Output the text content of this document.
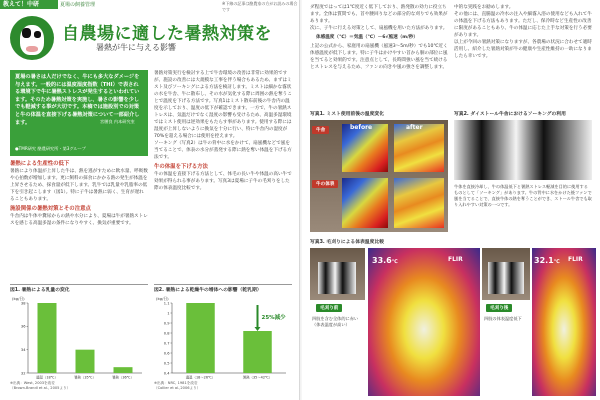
教えて！中研	夏場の飼養管理	※下線の記事は酪農家の方がお読みの場合です
自農場に適した暑熱対策を
暑熱が牛に与える影響
夏場の暑さは人だけでなく、牛にも多大なダメージを与えます。一般的には温度湿度指数（THI）で表される環境下で牛に暑熱ストレスが発生するといわれています。そのため暑熱対策を実施し、暑さの影響を少しでも軽減する事が大切です。本稿では施設別での対策と牛の体温を直接下げる暑熱対策について一部紹介します。
●TMR研究 酪農研究所・第3グループ
宮腰良 内本研究室
暑熱による生産性の低下
暑熱により体温が上昇した牛は、熱を逃がすために飲水量、呼吸数や心拍数が増加します。更に飼料の採食にかかる熱の発生が体温を上昇させるため、採食量が低下します。乳牛では乳量や乳脂率の低下を引き起こします（図1）。特に子牛は暑熱に弱く、生育が遅れることもあります。
施設関係の暑熱対策とその注意点
牛舎内は牛体や糞尿からの熱や水分により、夏場は牛が暑熱ストレスを感じる高温多湿の条件になりやすく、換気が重要です。
暑熱対策実行を検討する上で牛舎環境の改善は非常に効果的ですが、施設の改善には大規模な工事を伴う場合もあるため、まずはミスト及びソーキングによる方法を検討します。ミストは細かな霧状の水を牛舎、牛に散布し、その水が気化する際に周囲の熱を奪うことで温度を下げる方法です。写真1はミスト散布前後の牛舎内の温度を示しており、温度の低下が確認できます。一方で、牛の暑熱ストレスは、気温だけでなく湿度の影響も受けるため、高温多湿環境ではミスト使用は逆効果をもたらす事があります。使用する際には湿度が上昇しないように換気を十分に行い、特に牛舎内の湿度が70%を超える場合には使用を控えます。
ソーキング（写真2）は牛の背中に水をかけて、扇風機などで風を当てることで、体表の水分が蒸発する際に熱を奪い体温を下げる方法です。
牛の体温を下げる方法
牛の体温を直接下げる方法として、体毛の長い牛や体温の高い牛で効果が得られる事があります。写真3は夏場に子牛の毛刈りをした際の体表温度比較です。
図1. 暑熱による乳量の変化
(kg/日)
32
34
36
38
適温（18℃）	暑熱（35℃）	暑熱（36℃）
※出典：West, 2003を改変
（Brown-Brandl et al., 2005より）
図2. 暑熱による乾燥牛の増体への影響（乾乳期）
(kg/日)
0.4
0.5
0.6
0.7
0.8
0.9
1
1.1
適温（18〜26℃）	暑熱（35〜42℃）
25%減少
※出典：NRC, 1981を改変
（Collier et al.,2006より）
ダ程度ではっては1℃度近く低下しており、熱発散の効力に役立ちます。全体は質問でも、首や腰回りなどの部分的な刈りでも効果があります。
次に、子牛に行える対策として、扇風機を用いた方法があります。
体感温度（℃）＝気温（℃）－6√風速（m/秒）
上記の公式から、家庭用の扇風機（風速3〜5m/秒）でも10℃近く体感温度が低下します。特に子牛はかけやすい首から胴の部位に風を当てると効果的です。注意点として、長時間強い風を当て続けるとストレスを与えるため、ファンの向きや風の強さを調整します。
中的な実践をお勧めします。
その他には、直腸温の冷水の注入や細霧入浴の使用なども入れて牛の体温を下げる方法もあります。ただし、保冷時など生産性の改善に限度があることもあり、牛の体温に応じた上手な対策を行う必要があります。
以上が今回の暑熱対策になりますが、各農場の状況に合わせて適時活用し、紹介した暑熱対策が牛の健康や生産性維持の一助になりましたら幸いです。
写真1. ミスト使用前後の温度変化
牛舎
牛の体表
before	after
写真2. ダイストール牛舎におけるソーキングの利用
牛体を直接冷却し、牛の体温低下と暑熱ストレス軽減を目的に使用するものとして「ソーキング」があります。牛の背中に水をかけた後ファンで風を当てることで、直接牛体の熱を奪うことができ、ストール牛舎でも取り入れやすい対策の一つです。
写真3. 毛刈りによる体表温度比較
33.6℃	FLIR
毛刈り前
四肢を含む全体的に赤い（体表温度が高い）
32.1℃ FLIR
毛刈り後
四肢の体表温度低下
